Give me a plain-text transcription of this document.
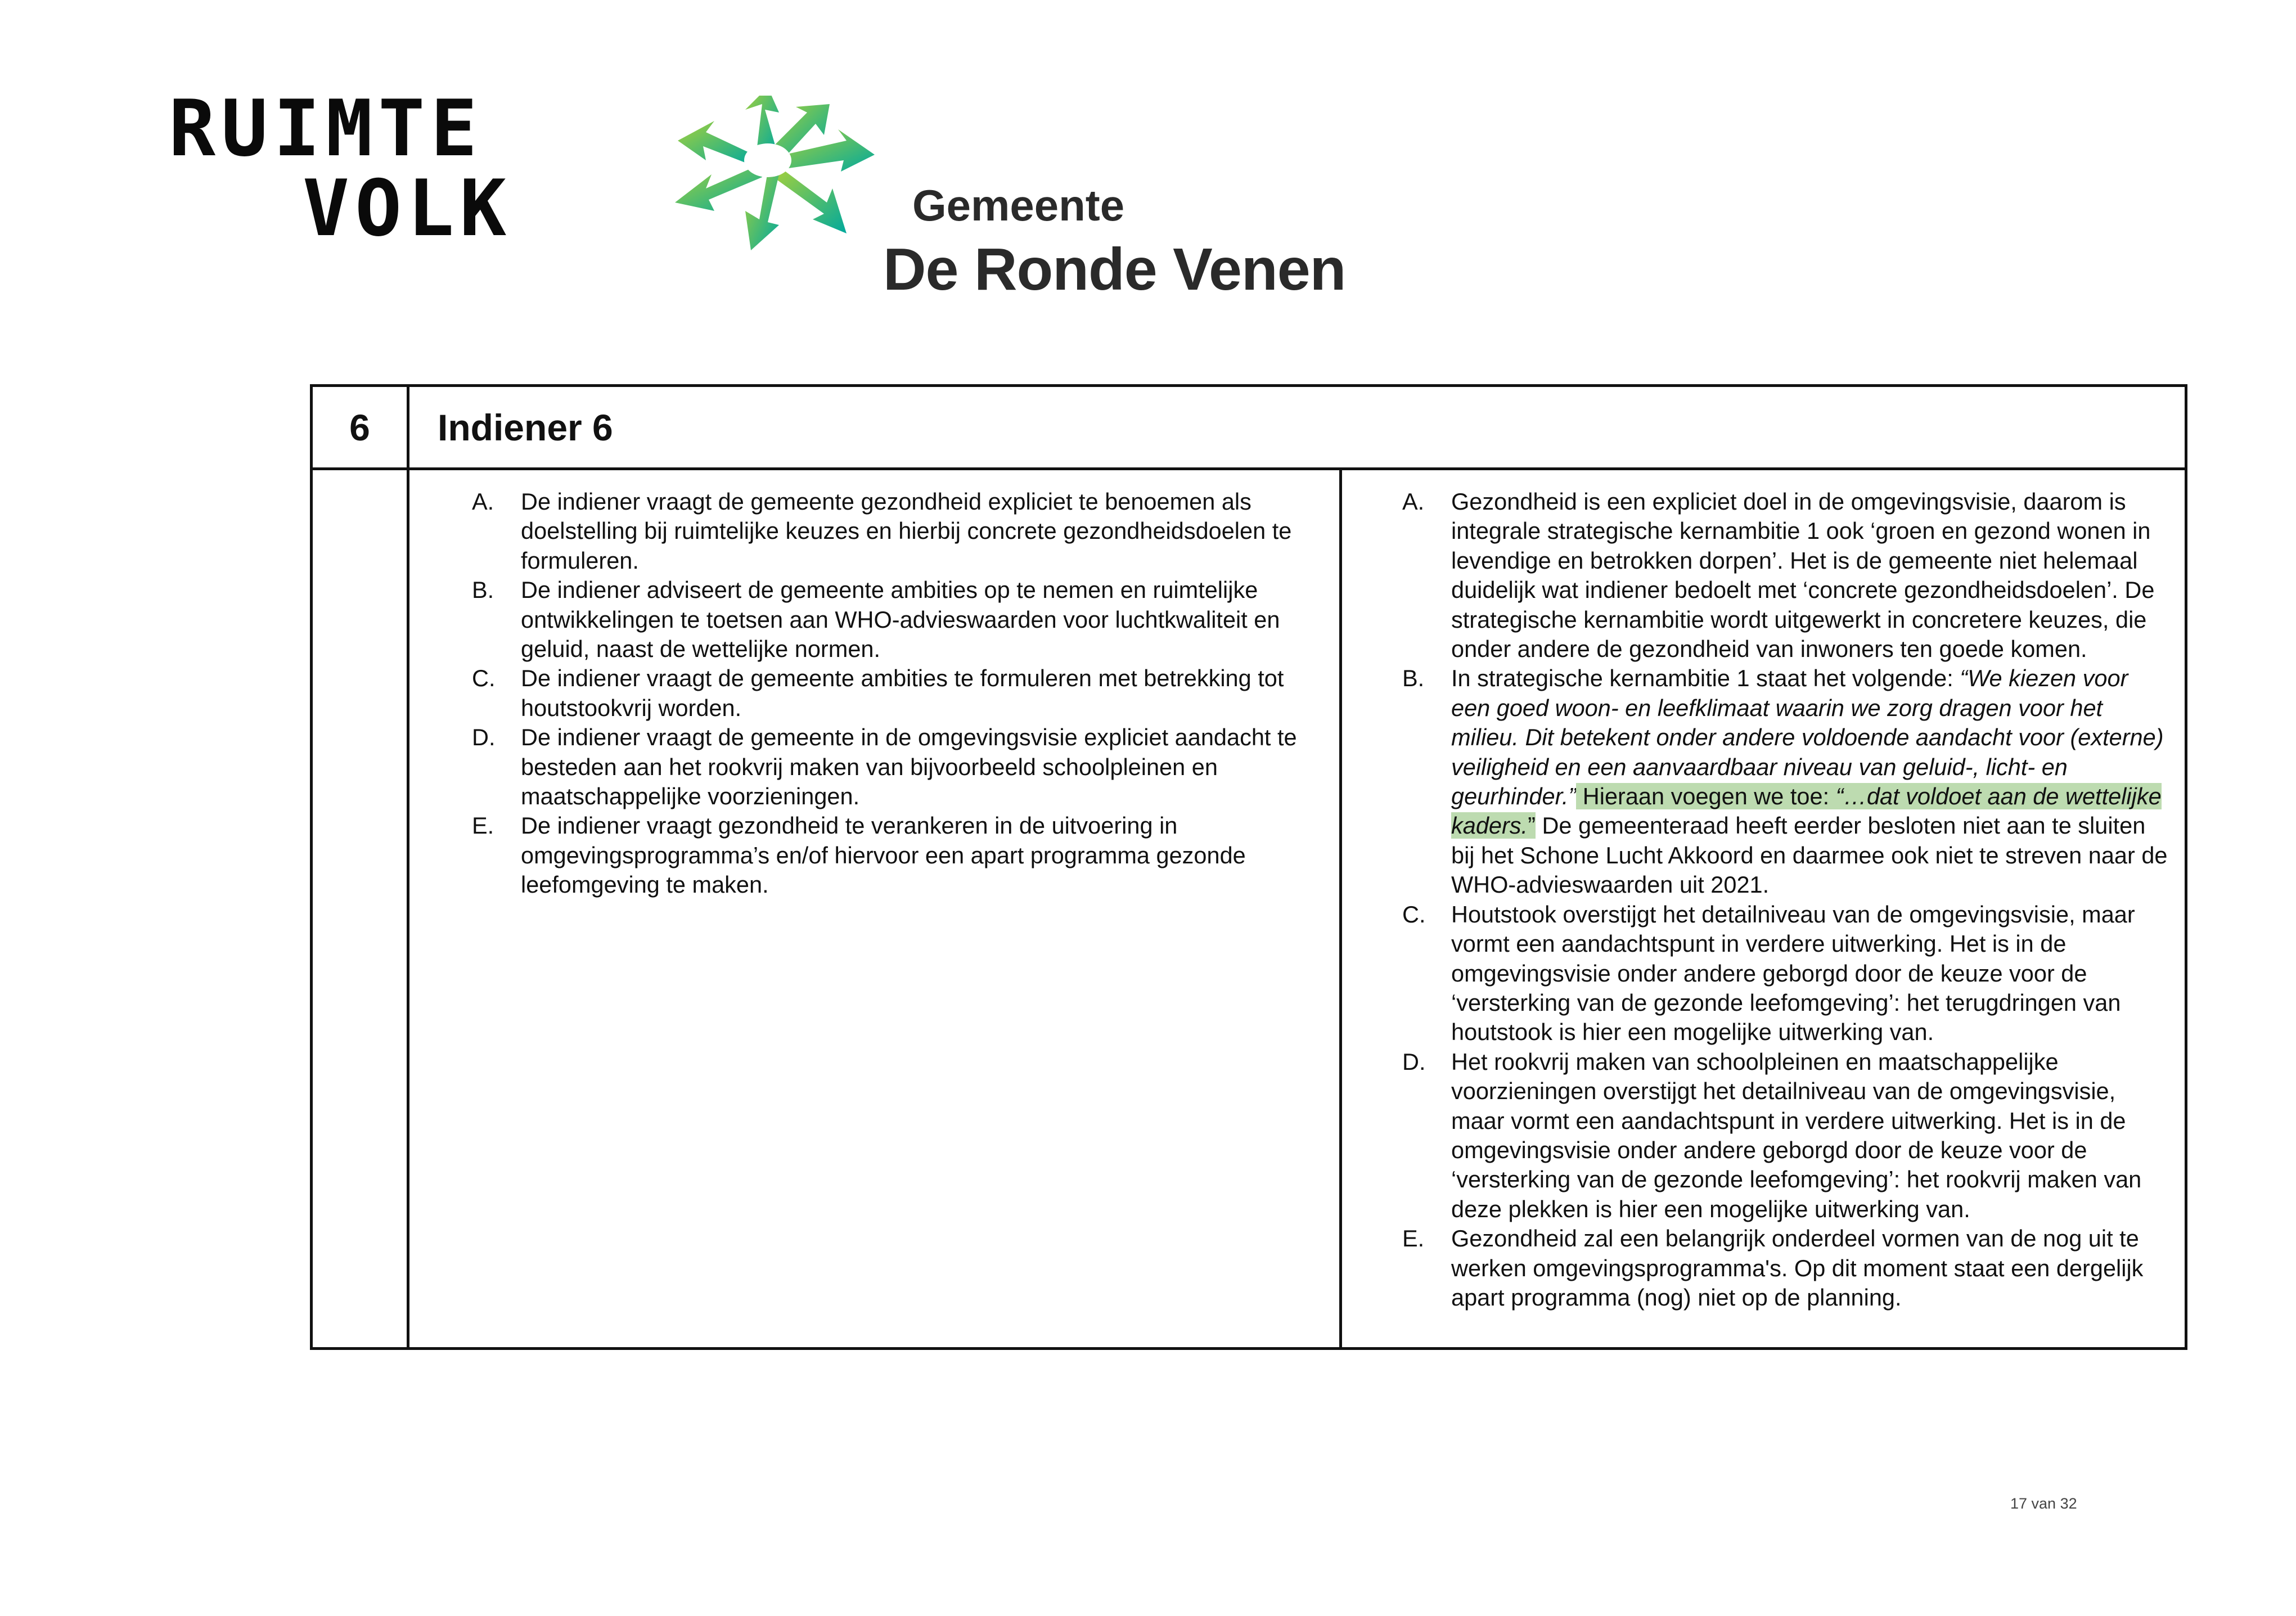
RUIMTE
VOLK	Gemeente
De Ronde Venen
6	Indiener 6
A. De indiener vraagt de gemeente gezondheid expliciet te benoemen als doelstelling bij ruimtelijke keuzes en hierbij concrete gezondheidsdoelen te formuleren.
B. De indiener adviseert de gemeente ambities op te nemen en ruimtelijke ontwikkelingen te toetsen aan WHO-advieswaarden voor luchtkwaliteit en geluid, naast de wettelijke normen.
C. De indiener vraagt de gemeente ambities te formuleren met betrekking tot houtstookvrij worden.
D. De indiener vraagt de gemeente in de omgevingsvisie expliciet aandacht te besteden aan het rookvrij maken van bijvoorbeeld schoolpleinen en maatschappelijke voorzieningen.
E. De indiener vraagt gezondheid te verankeren in de uitvoering in omgevingsprogramma’s en/of hiervoor een apart programma gezonde leefomgeving te maken.
A. Gezondheid is een expliciet doel in de omgevingsvisie, daarom is integrale strategische kernambitie 1 ook ‘groen en gezond wonen in levendige en betrokken dorpen’. Het is de gemeente niet helemaal duidelijk wat indiener bedoelt met ‘concrete gezondheidsdoelen’. De strategische kernambitie wordt uitgewerkt in concretere keuzes, die onder andere de gezondheid van inwoners ten goede komen.
B. In strategische kernambitie 1 staat het volgende: “We kiezen voor een goed woon- en leefklimaat waarin we zorg dragen voor het milieu. Dit betekent onder andere voldoende aandacht voor (externe) veiligheid en een aanvaardbaar niveau van geluid-, licht- en geurhinder.” Hieraan voegen we toe: “…dat voldoet aan de wettelijke kaders.” De gemeenteraad heeft eerder besloten niet aan te sluiten bij het Schone Lucht Akkoord en daarmee ook niet te streven naar de WHO-advieswaarden uit 2021.
C. Houtstook overstijgt het detailniveau van de omgevingsvisie, maar vormt een aandachtspunt in verdere uitwerking. Het is in de omgevingsvisie onder andere geborgd door de keuze voor de ‘versterking van de gezonde leefomgeving’: het terugdringen van houtstook is hier een mogelijke uitwerking van.
D. Het rookvrij maken van schoolpleinen en maatschappelijke voorzieningen overstijgt het detailniveau van de omgevingsvisie, maar vormt een aandachtspunt in verdere uitwerking. Het is in de omgevingsvisie onder andere geborgd door de keuze voor de ‘versterking van de gezonde leefomgeving’: het rookvrij maken van deze plekken is hier een mogelijke uitwerking van.
E. Gezondheid zal een belangrijk onderdeel vormen van de nog uit te werken omgevingsprogramma's. Op dit moment staat een dergelijk apart programma (nog) niet op de planning.
17 van 32
